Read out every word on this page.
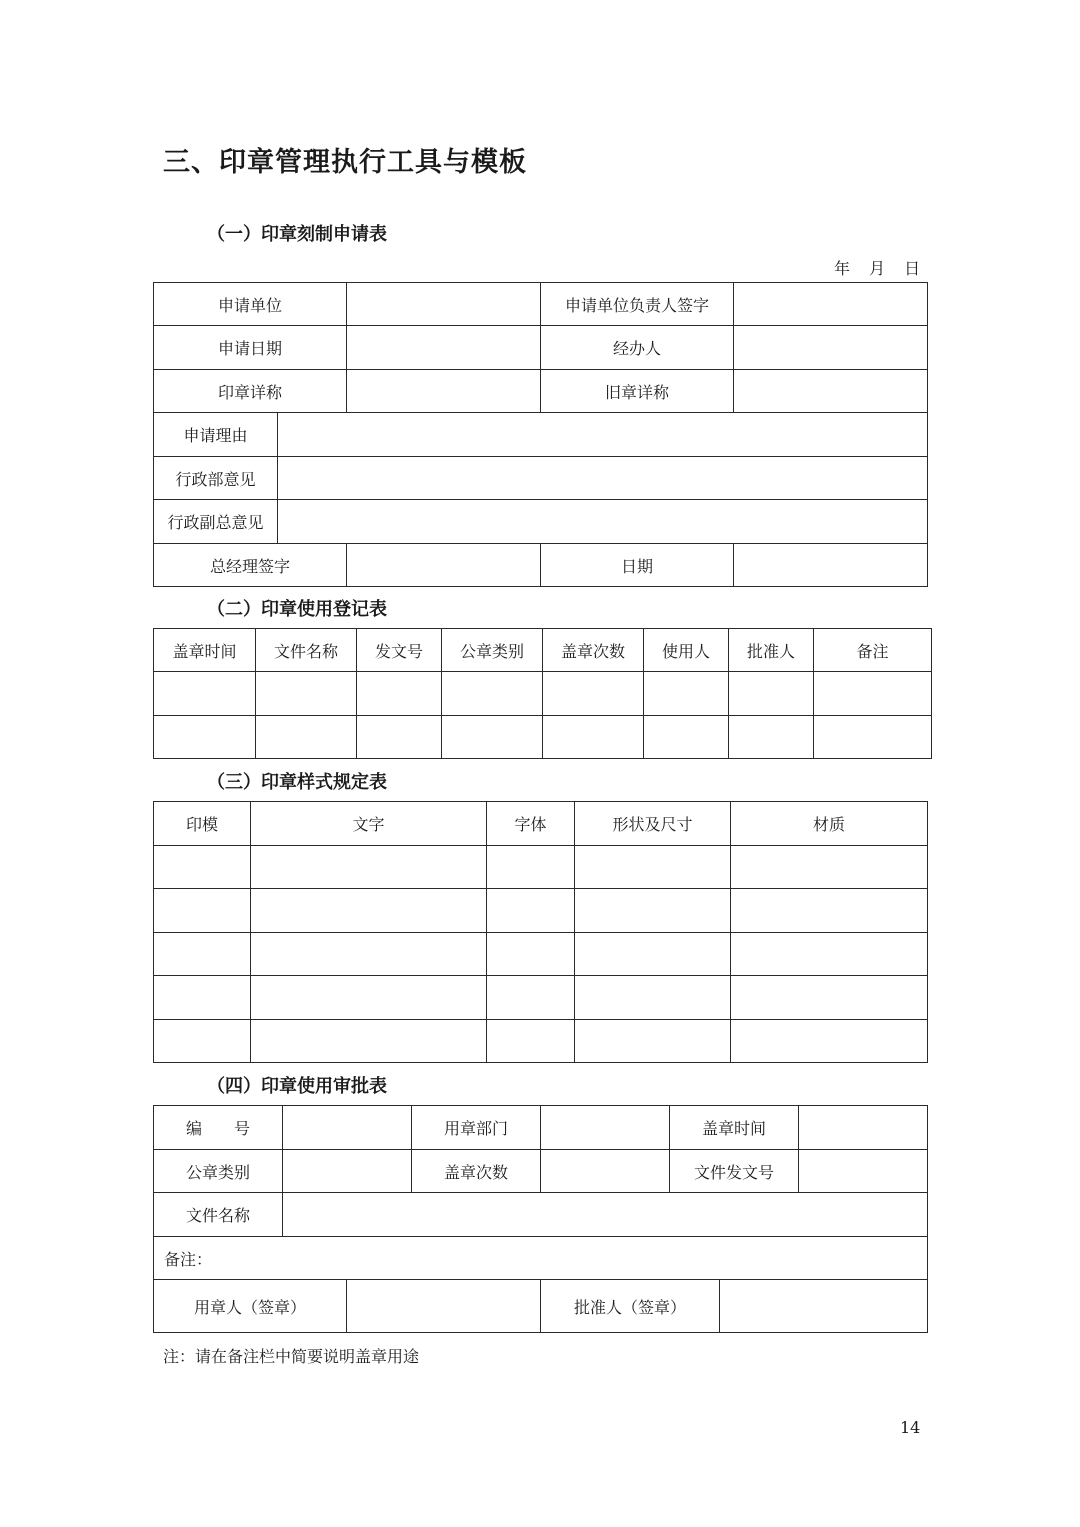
三、印章管理执行工具与模板
（一）印章刻制申请表
年 月 日
申请单位			申请单位负责人签字	
申请日期			经办人	
印章详称			旧章详称	
申请理由				
行政部意见				
行政副总意见				
总经理签字			日期	
（二）印章使用登记表
盖章时间	文件名称	发文号	公章类别	盖章次数	使用人	批准人	备注

（三）印章样式规定表
印模	文字	字体	形状及尺寸	材质

（四）印章使用审批表
编　　号			用章部门		盖章时间		
公章类别			盖章次数		文件发文号		
文件名称							
备注：							
用章人（签章）				批准人（签章）			
注：请在备注栏中简要说明盖章用途
14
